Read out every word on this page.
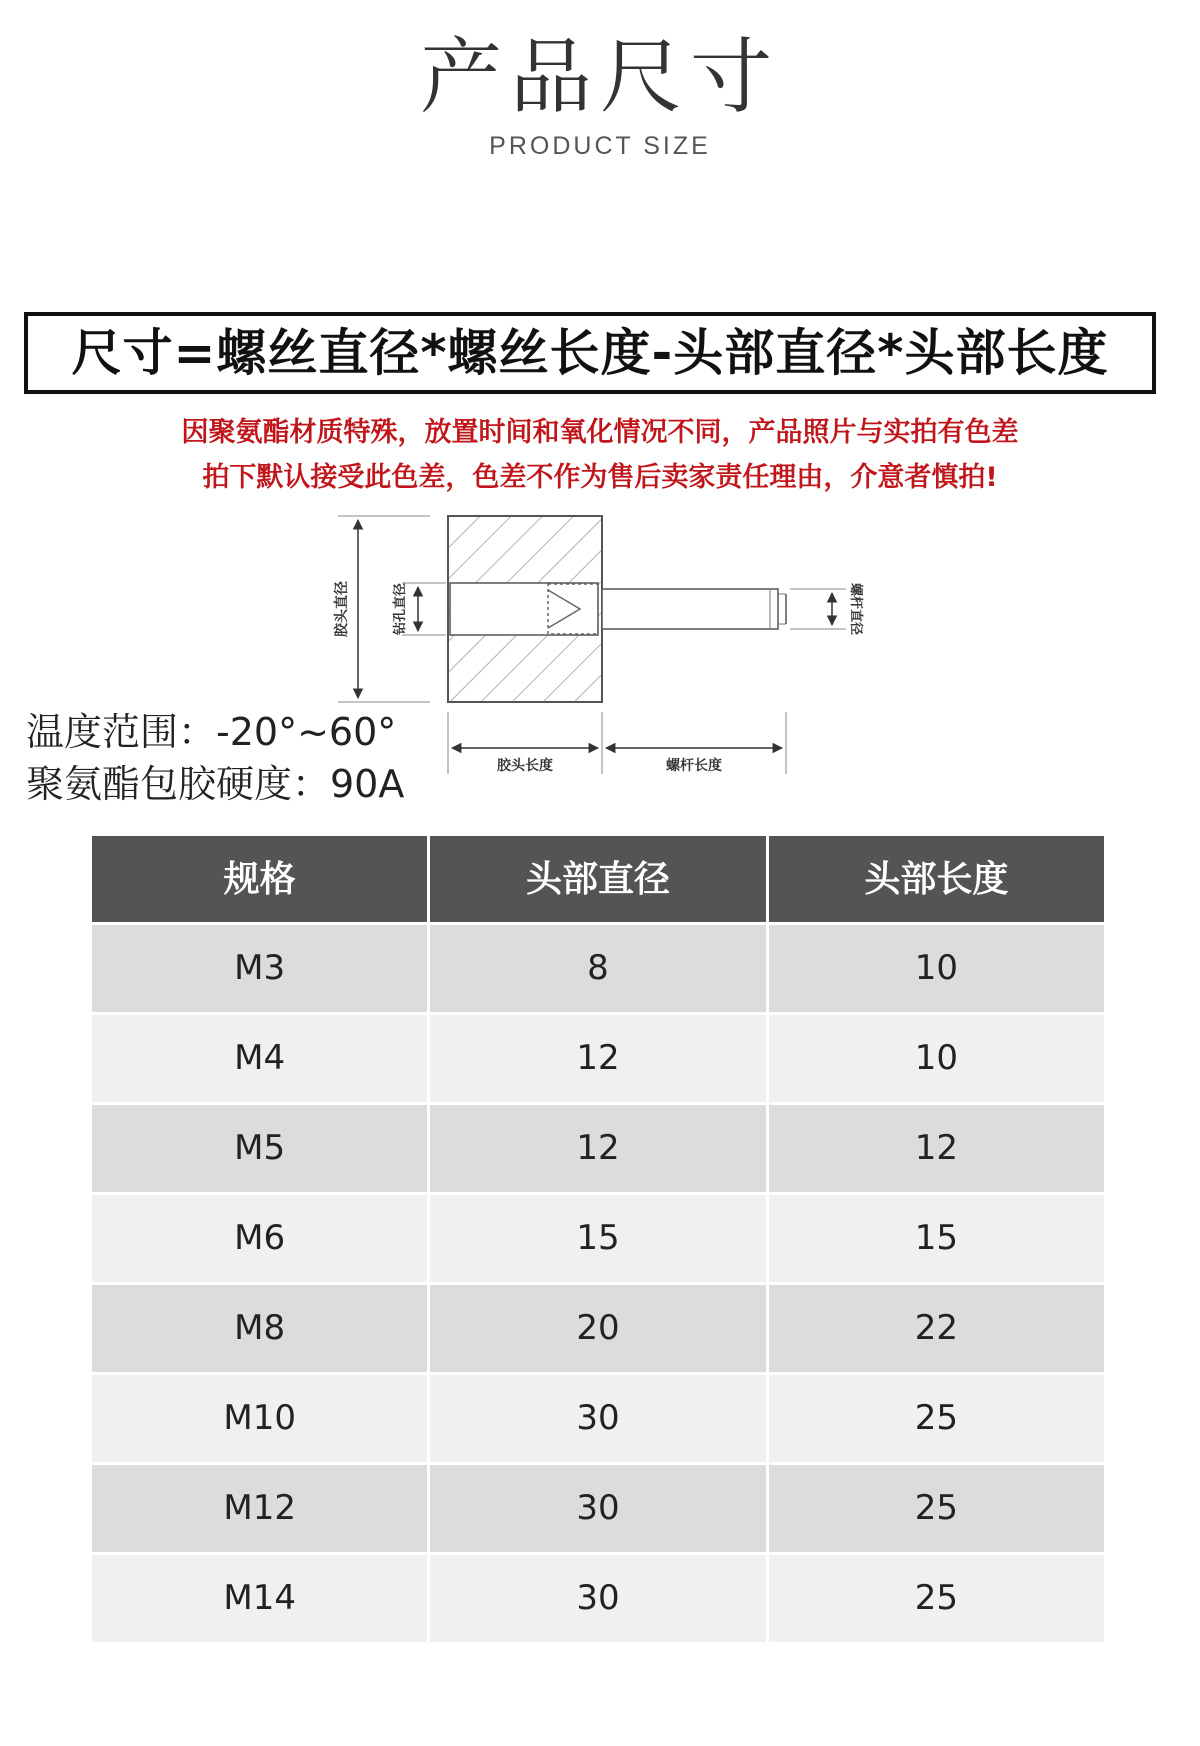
产品尺寸
PRODUCT SIZE
尺寸=螺丝直径*螺丝长度-头部直径*头部长度
因聚氨酯材质特殊，放置时间和氧化情况不同，产品照片与实拍有色差
拍下默认接受此色差，色差不作为售后卖家责任理由，介意者慎拍!
胶头直径	钻孔直径	螺杆直径
胶头长度	螺杆长度
温度范围：-20°~60°
聚氨酯包胶硬度：90A
规格	头部直径	头部长度
M3	8	10
M4	12	10
M5	12	12
M6	15	15
M8	20	22
M10	30	25
M12	30	25
M14	30	25
